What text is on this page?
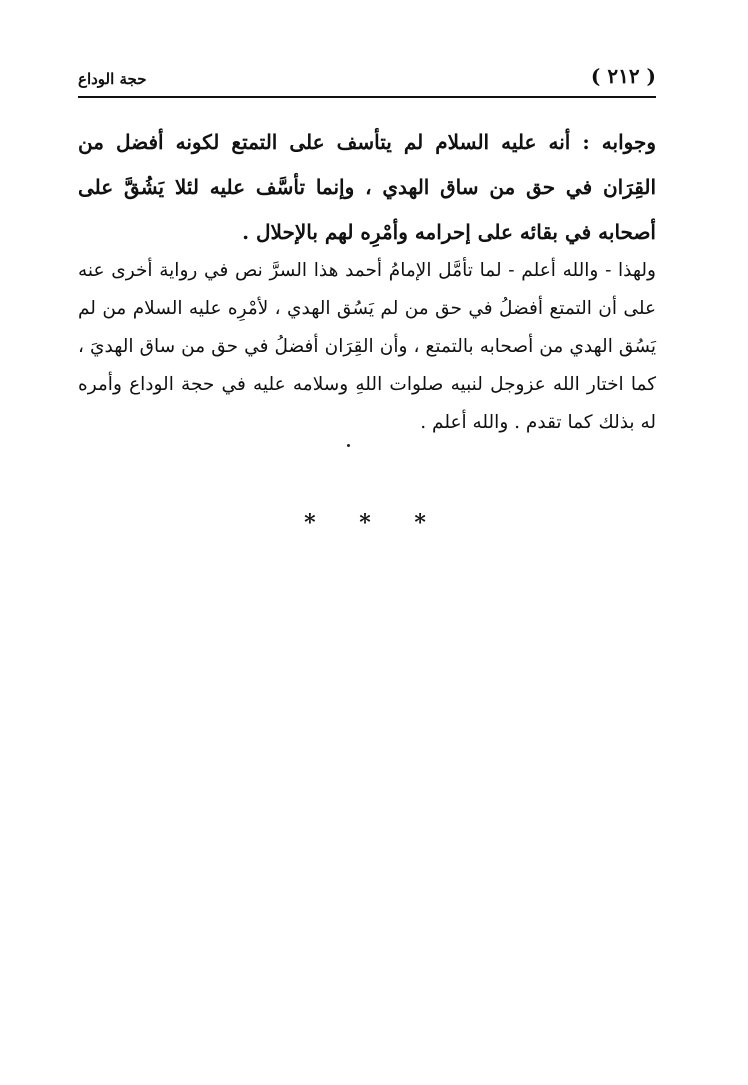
( ٢١٢ )
حجة الوداع

وجوابه : أنه عليه السلام لم يتأسف على التمتع لكونه أفضل من القِرَان في حق من ساق الهدي ، وإنما تأسَّف عليه لئلا يَشُقَّ على أصحابه في بقائه على إحرامه وأمْرِه لهم بالإحلال .

ولهذا - والله أعلم - لما تأمَّل الإمامُ أحمد هذا السرَّ نص في رواية أخرى عنه على أن التمتع أفضلُ في حق من لم يَسُق الهدي ، لأمْرِه عليه السلام من لم يَسُق الهدي من أصحابه بالتمتع ، وأن القِرَان أفضلُ في حق من ساق الهديَ ، كما اختار الله عزوجل لنبيه صلوات اللهِ وسلامه عليه في حجة الوداع وأمره له بذلك كما تقدم . والله أعلم .

* * *
